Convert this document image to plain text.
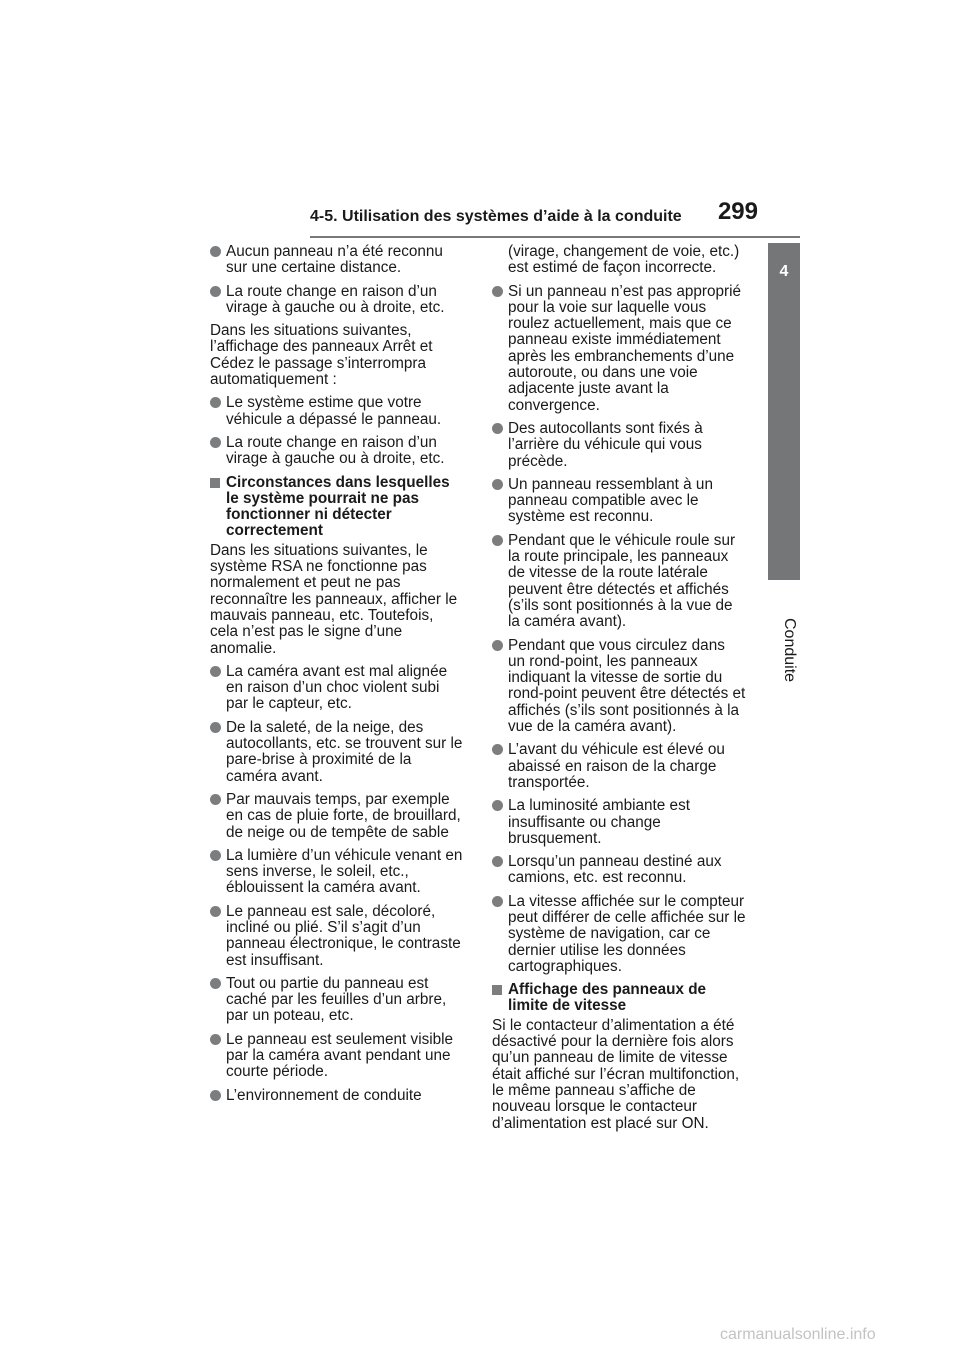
4-5. Utilisation des systèmes d’aide à la conduite 299
4
Conduite
Aucun panneau n’a été reconnu sur une certaine distance.
La route change en raison d’un virage à gauche ou à droite, etc.

Dans les situations suivantes, l’affichage des panneaux Arrêt et Cédez le passage s’interrompra automatiquement :

Le système estime que votre véhicule a dépassé le panneau.
La route change en raison d’un virage à gauche ou à droite, etc.
Circonstances dans lesquelles le système pourrait ne pas fonctionner ni détecter correctement

Dans les situations suivantes, le système RSA ne fonctionne pas normalement et peut ne pas reconnaître les panneaux, afficher le mauvais panneau, etc. Toutefois, cela n’est pas le signe d’une anomalie.

La caméra avant est mal alignée en raison d’un choc violent subi par le capteur, etc.
De la saleté, de la neige, des autocollants, etc. se trouvent sur le pare-brise à proximité de la caméra avant.
Par mauvais temps, par exemple en cas de pluie forte, de brouillard, de neige ou de tempête de sable
La lumière d’un véhicule venant en sens inverse, le soleil, etc., éblouissent la caméra avant.
Le panneau est sale, décoloré, incliné ou plié. S’il s’agit d’un panneau électronique, le contraste est insuffisant.
Tout ou partie du panneau est caché par les feuilles d’un arbre, par un poteau, etc.
Le panneau est seulement visible par la caméra avant pendant une courte période.
L’environnement de conduite

(virage, changement de voie, etc.) est estimé de façon incorrecte.

Si un panneau n’est pas approprié pour la voie sur laquelle vous roulez actuellement, mais que ce panneau existe immédiatement après les embranchements d’une autoroute, ou dans une voie adjacente juste avant la convergence.
Des autocollants sont fixés à l’arrière du véhicule qui vous précède.
Un panneau ressemblant à un panneau compatible avec le système est reconnu.
Pendant que le véhicule roule sur la route principale, les panneaux de vitesse de la route latérale peuvent être détectés et affichés (s’ils sont positionnés à la vue de la caméra avant).
Pendant que vous circulez dans un rond-point, les panneaux indiquant la vitesse de sortie du rond-point peuvent être détectés et affichés (s’ils sont positionnés à la vue de la caméra avant).
L’avant du véhicule est élevé ou abaissé en raison de la charge transportée.
La luminosité ambiante est insuffisante ou change brusquement.
Lorsqu’un panneau destiné aux camions, etc. est reconnu.
La vitesse affichée sur le compteur peut différer de celle affichée sur le système de navigation, car ce dernier utilise les données cartographiques.
Affichage des panneaux de limite de vitesse

Si le contacteur d’alimentation a été désactivé pour la dernière fois alors qu’un panneau de limite de vitesse était affiché sur l’écran multifonction, le même panneau s’affiche de nouveau lorsque le contacteur d’alimentation est placé sur ON.

carmanualsonline.info
